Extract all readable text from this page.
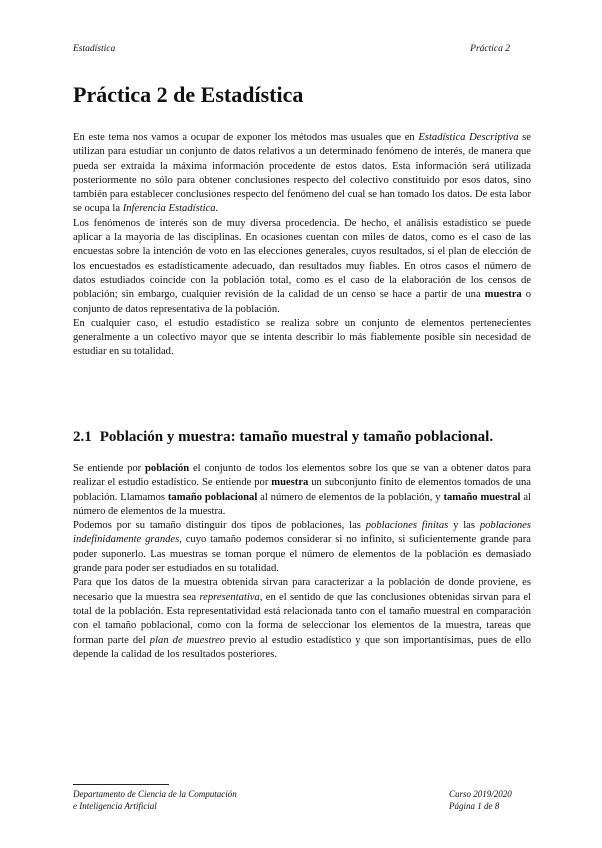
Estadística	Práctica 2
Práctica 2 de Estadística

En este tema nos vamos a ocupar de exponer los métodos mas usuales que en Estadística Descriptiva se utilizan para estudiar un conjunto de datos relativos a un determinado fenómeno de interés, de manera que pueda ser extraída la máxima información procedente de estos datos. Esta información será utilizada posteriormente no sólo para obtener conclusiones respecto del colectivo constituido por esos datos, sino también para establecer conclusiones respecto del fenómeno del cual se han tomado los datos. De esta labor se ocupa la Inferencia Estadística.

Los fenómenos de interés son de muy diversa procedencia. De hecho, el análisis estadístico se puede aplicar a la mayoría de las disciplinas. En ocasiones cuentan con miles de datos, como es el caso de las encuestas sobre la intención de voto en las elecciones generales, cuyos resultados, si el plan de elección de los encuestados es estadísticamente adecuado, dan resultados muy fiables. En otros casos el número de datos estudiados coincide con la población total, como es el caso de la elaboración de los censos de población; sin embargo, cualquier revisión de la calidad de un censo se hace a partir de una muestra o conjunto de datos representativa de la población.

En cualquier caso, el estudio estadístico se realiza sobre un conjunto de elementos pertenecientes generalmente a un colectivo mayor que se intenta describir lo más fiablemente posible sin necesidad de estudiar en su totalidad.

2.1 Población y muestra: tamaño muestral y tamaño poblacional.

Se entiende por población el conjunto de todos los elementos sobre los que se van a obtener datos para realizar el estudio estadístico. Se entiende por muestra un subconjunto finito de elementos tomados de una población. Llamamos tamaño poblacional al número de elementos de la población, y tamaño muestral al número de elementos de la muestra.

Podemos por su tamaño distinguir dos tipos de poblaciones, las poblaciones finitas y las poblaciones indefinidamente grandes, cuyo tamaño podemos considerar si no infinito, si suficientemente grande para poder suponerlo. Las muestras se toman porque el número de elementos de la población es demasiado grande para poder ser estudiados en su totalidad.

Para que los datos de la muestra obtenida sirvan para caracterizar a la población de donde proviene, es necesario que la muestra sea representativa, en el sentido de que las conclusiones obtenidas sirvan para el total de la población. Esta representatividad está relacionada tanto con el tamaño muestral en comparación con el tamaño poblacional, como con la forma de seleccionar los elementos de la muestra, tareas que forman parte del plan de muestreo previo al estudio estadístico y que son importantísimas, pues de ello depende la calidad de los resultados posteriores.

Departamento de Ciencia de la Computación
e Inteligencia Artificial
Curso 2019/2020
Página 1 de 8
